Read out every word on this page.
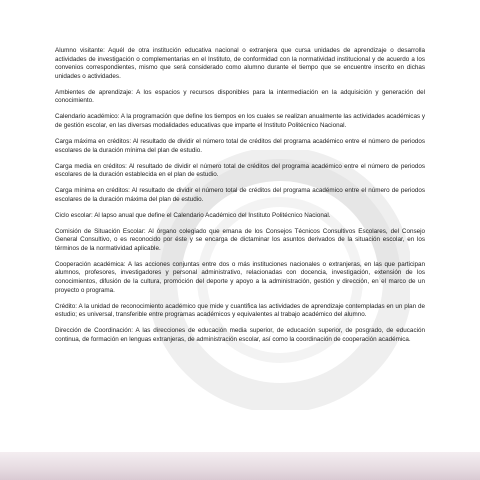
Alumno visitante: Aquél de otra institución educativa nacional o extranjera que cursa unidades de aprendizaje o desarrolla actividades de investigación o complementarias en el Instituto, de conformidad con la normatividad institucional y de acuerdo a los convenios correspondientes, mismo que será considerado como alumno durante el tiempo que se encuentre inscrito en dichas unidades o actividades.

Ambientes de aprendizaje: A los espacios y recursos disponibles para la intermediación en la adquisición y generación del conocimiento.

Calendario académico: A la programación que define los tiempos en los cuales se realizan anualmente las actividades académicas y de gestión escolar, en las diversas modalidades educativas que imparte el Instituto Politécnico Nacional.

Carga máxima en créditos: Al resultado de dividir el número total de créditos del programa académico entre el número de periodos escolares de la duración mínima del plan de estudio.

Carga media en créditos: Al resultado de dividir el número total de créditos del programa académico entre el número de periodos escolares de la duración establecida en el plan de estudio.

Carga mínima en créditos: Al resultado de dividir el número total de créditos del programa académico entre el número de periodos escolares de la duración máxima del plan de estudio.

Ciclo escolar: Al lapso anual que define el Calendario Académico del Instituto Politécnico Nacional.

Comisión de Situación Escolar: Al órgano colegiado que emana de los Consejos Técnicos Consultivos Escolares, del Consejo General Consultivo, o es reconocido por éste y se encarga de dictaminar los asuntos derivados de la situación escolar, en los términos de la normatividad aplicable.

Cooperación académica: A las acciones conjuntas entre dos o más instituciones nacionales o extranjeras, en las que participan alumnos, profesores, investigadores y personal administrativo, relacionadas con docencia, investigación, extensión de los conocimientos, difusión de la cultura, promoción del deporte y apoyo a la administración, gestión y dirección, en el marco de un proyecto o programa.

Crédito: A la unidad de reconocimiento académico que mide y cuantifica las actividades de aprendizaje contempladas en un plan de estudio; es universal, transferible entre programas académicos y equivalentes al trabajo académico del alumno.

Dirección de Coordinación: A las direcciones de educación media superior, de educación superior, de posgrado, de educación continua, de formación en lenguas extranjeras, de administración escolar, así como la coordinación de cooperación académica.
